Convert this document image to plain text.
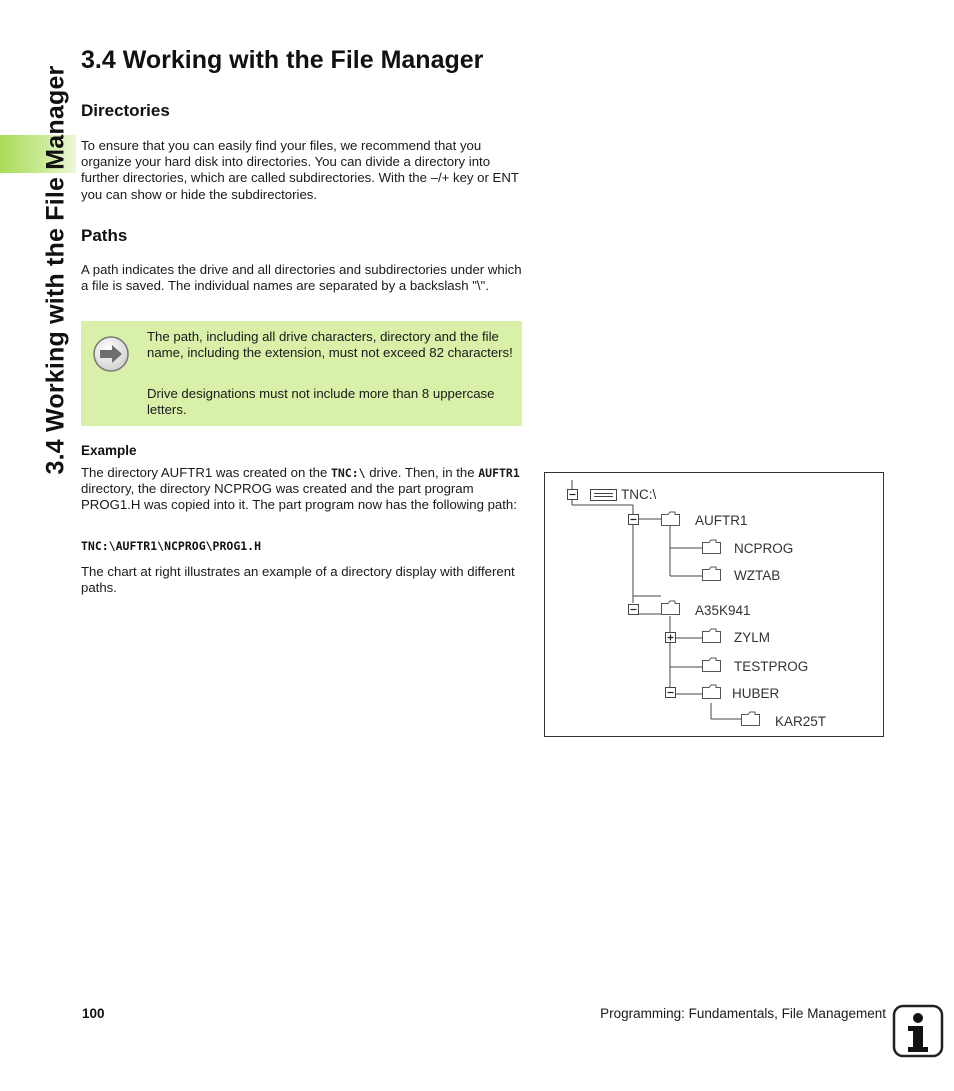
3.4 Working with the File Manager
3.4 Working with the File Manager
Directories

To ensure that you can easily find your files, we recommend that you organize your hard disk into directories. You can divide a directory into further directories, which are called subdirectories. With the –/+ key or ENT you can show or hide the subdirectories.

Paths

A path indicates the drive and all directories and subdirectories under which a file is saved. The individual names are separated by a backslash "\".

The path, including all drive characters, directory and the file name, including the extension, must not exceed 82 characters!

Drive designations must not include more than 8 uppercase letters.

Example

The directory AUFTR1 was created on the TNC:\ drive. Then, in the AUFTR1 directory, the directory NCPROG was created and the part program PROG1.H was copied into it. The part program now has the following path:

TNC:\AUFTR1\NCPROG\PROG1.H

The chart at right illustrates an example of a directory display with different paths.

TNC:\
AUFTR1
NCPROG
WZTAB
A35K941
ZYLM
TESTPROG
HUBER
KAR25T

100	Programming: Fundamentals, File Management
